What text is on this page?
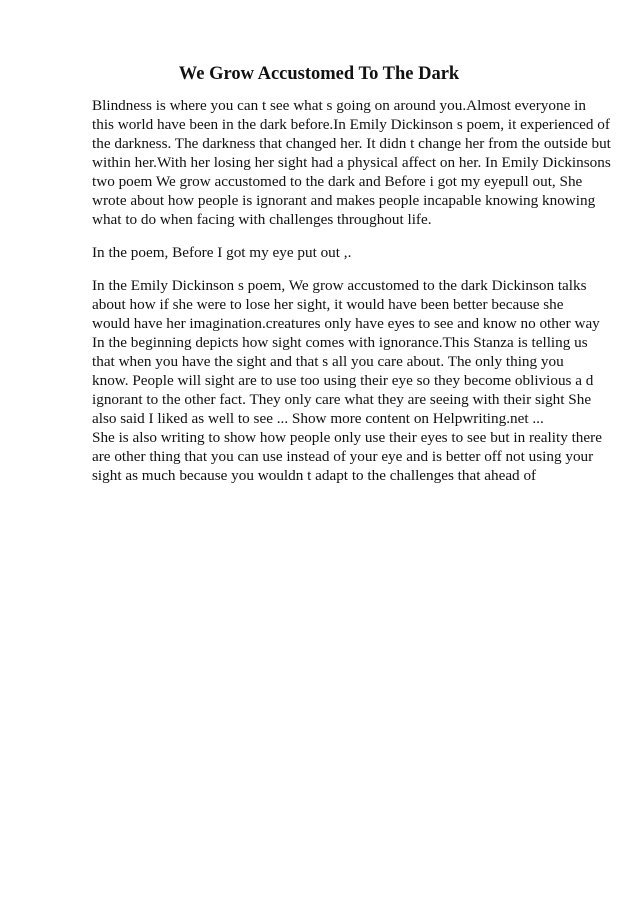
We Grow Accustomed To The Dark

Blindness is where you can t see what s going on around you.Almost everyone in

this world have been in the dark before.In Emily Dickinson s poem, it experienced of

the darkness. The darkness that changed her. It didn t change her from the outside but

within her.With her losing her sight had a physical affect on her. In Emily Dickinsons

two poem We grow accustomed to the dark and Before i got my eyepull out, She

wrote about how people is ignorant and makes people incapable knowing knowing

what to do when facing with challenges throughout life.

In the poem, Before I got my eye put out ,.

In the Emily Dickinson s poem, We grow accustomed to the dark Dickinson talks

about how if she were to lose her sight, it would have been better because she

would have her imagination.creatures only have eyes to see and know no other way

In the beginning depicts how sight comes with ignorance.This Stanza is telling us

that when you have the sight and that s all you care about. The only thing you

know. People will sight are to use too using their eye so they become oblivious a d

ignorant to the other fact. They only care what they are seeing with their sight She

also said I liked as well to see ... Show more content on Helpwriting.net ...

She is also writing to show how people only use their eyes to see but in reality there

are other thing that you can use instead of your eye and is better off not using your

sight as much because you wouldn t adapt to the challenges that ahead of
